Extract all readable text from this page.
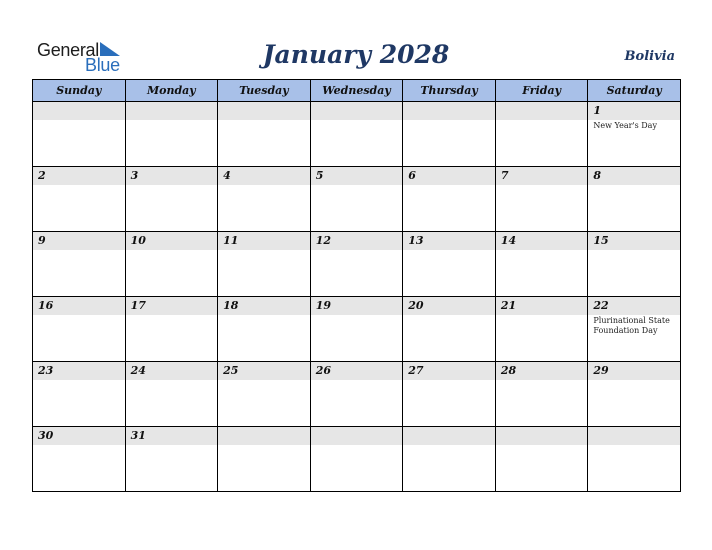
General
Blue	January 2028	Bolivia
Sunday	Monday	Tuesday	Wednesday	Thursday	Friday	Saturday

						1
New Year's Day

2	3	4	5	6	7	8

9	10	11	12	13	14	15

16	17	18	19	20	21	22
Plurinational State Foundation Day

23	24	25	26	27	28	29

30	31					
